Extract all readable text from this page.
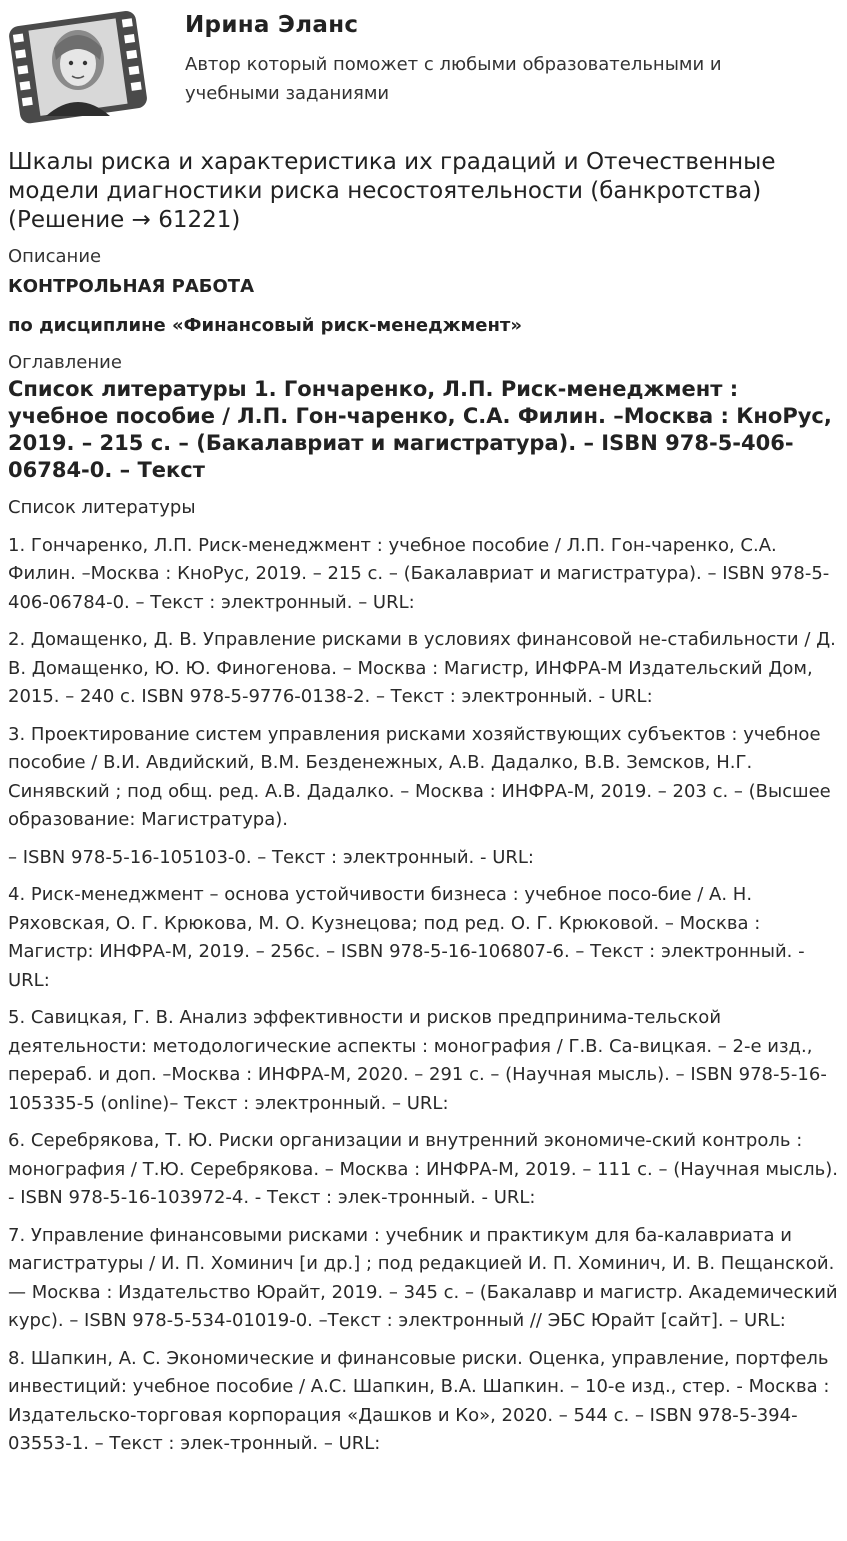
Ирина Эланс
Автор который поможет с любыми образовательными и учебными заданиями
Шкалы риска и характеристика их градаций и Отечественные модели диагностики риска несостоятельности (банкротства) (Решение → 61221)
Описание
КОНТРОЛЬНАЯ РАБОТА
по дисциплине «Финансовый риск-менеджмент»
Оглавление
Список литературы 1. Гончаренко, Л.П. Риск-менеджмент : учебное пособие / Л.П. Гон-чаренко, С.А. Филин. –Москва : КноРус, 2019. – 215 с. – (Бакалавриат и магистратура). – ISBN 978-5-406-06784-0. – Текст

Список литературы

1. Гончаренко, Л.П. Риск-менеджмент : учебное пособие / Л.П. Гон-чаренко, С.А. Филин. –Москва : КноРус, 2019. – 215 с. – (Бакалавриат и магистратура). – ISBN 978-5-406-06784-0. – Текст : электронный. – URL:

2. Домащенко, Д. В. Управление рисками в условиях финансовой не-стабильности / Д. В. Домащенко, Ю. Ю. Финогенова. – Москва : Магистр, ИНФРА-М Издательский Дом, 2015. – 240 с. ISBN 978-5-9776-0138-2. – Текст : электронный. - URL:

3. Проектирование систем управления рисками хозяйствующих субъектов : учебное пособие / В.И. Авдийский, В.М. Безденежных, А.В. Дадалко, В.В. Земсков, Н.Г. Синявский ; под общ. ред. А.В. Дадалко. – Москва : ИНФРА-М, 2019. – 203 с. – (Высшее образование: Магистратура).

– ISBN 978-5-16-105103-0. – Текст : электронный. - URL:

4. Риск-менеджмент – основа устойчивости бизнеса : учебное посо-бие / А. Н. Ряховская, О. Г. Крюкова, М. О. Кузнецова; под ред. О. Г. Крюковой. – Москва : Магистр: ИНФРА-М, 2019. – 256с. – ISBN 978-5-16-106807-6. – Текст : электронный. - URL:

5. Савицкая, Г. В. Анализ эффективности и рисков предпринима-тельской деятельности: методологические аспекты : монография / Г.В. Са-вицкая. – 2-е изд., перераб. и доп. –Москва : ИНФРА-М, 2020. – 291 с. – (Научная мысль). – ISBN 978-5-16-105335-5 (online)– Текст : электронный. – URL:

6. Серебрякова, Т. Ю. Риски организации и внутренний экономиче-ский контроль : монография / Т.Ю. Серебрякова. – Москва : ИНФРА-М, 2019. – 111 с. – (Научная мысль). - ISBN 978-5-16-103972-4. - Текст : элек-тронный. - URL:

7. Управление финансовыми рисками : учебник и практикум для ба-калавриата и магистратуры / И. П. Хоминич [и др.] ; под редакцией И. П. Хоминич, И. В. Пещанской. — Москва : Издательство Юрайт, 2019. – 345 с. – (Бакалавр и магистр. Академический курс). – ISBN 978-5-534-01019-0. –Текст : электронный // ЭБС Юрайт [сайт]. – URL:

8. Шапкин, А. С. Экономические и финансовые риски. Оценка, управление, портфель инвестиций: учебное пособие / А.С. Шапкин, В.А. Шапкин. – 10-е изд., стер. - Москва : Издательско-торговая корпорация «Дашков и Ко», 2020. – 544 с. – ISBN 978-5-394-03553-1. – Текст : элек-тронный. – URL:
